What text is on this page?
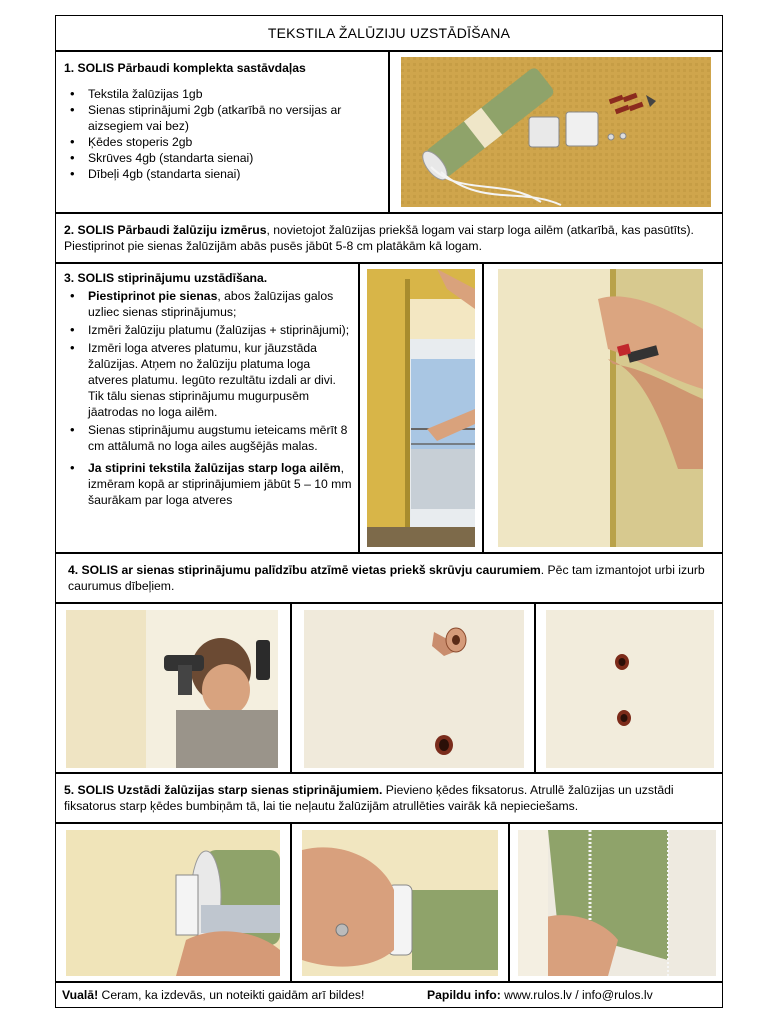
TEKSTILA ŽALŪZIJU UZSTĀDĪŠANA
1. SOLIS Pārbaudi komplekta sastāvdaļas
• Tekstila žalūzijas 1gb
• Sienas stiprinājumi 2gb (atkarībā no versijas ar aizsegiem vai bez)
• Ķēdes stoperis 2gb
• Skrūves 4gb (standarta sienai)
• Dībeļi 4gb (standarta sienai)
2. SOLIS Pārbaudi žalūziju izmērus, novietojot žalūzijas priekšā logam vai starp loga ailēm (atkarībā, kas pasūtīts). Piestiprinot pie sienas žalūzijām abās pusēs jābūt 5-8 cm platākām kā logam.
3. SOLIS stiprinājumu uzstādīšana.
• Piestiprinot pie sienas, abos žalūzijas galos uzliec sienas stiprinājumus;
• Izmēri žalūziju platumu (žalūzijas + stiprinājumi);
• Izmēri loga atveres platumu, kur jāuzstāda žalūzijas. Atņem no žalūziju platuma loga atveres platumu. Iegūto rezultātu izdali ar divi. Tik tālu sienas stiprinājumu mugurpusēm jāatrodas no loga ailēm.
• Sienas stiprinājumu augstumu ieteicams mērīt 8 cm attālumā no loga ailes augšējās malas.
• Ja stiprini tekstila žalūzijas starp loga ailēm, izmēram kopā ar stiprinājumiem jābūt 5 – 10 mm šaurākam par loga atveres
4. SOLIS ar sienas stiprinājumu palīdzību atzīmē vietas priekš skrūvju caurumiem. Pēc tam izmantojot urbi izurb caurumus dībeļiem.
5. SOLIS Uzstādi žalūzijas starp sienas stiprinājumiem. Pievieno ķēdes fiksatorus. Atrullē žalūzijas un uzstādi fiksatorus starp ķēdes bumbiņām tā, lai tie neļautu žalūzijām atrullēties vairāk kā nepieciešams.
Vualā! Ceram, ka izdevās, un noteikti gaidām arī bildes!	Papildu info: www.rulos.lv / info@rulos.lv
